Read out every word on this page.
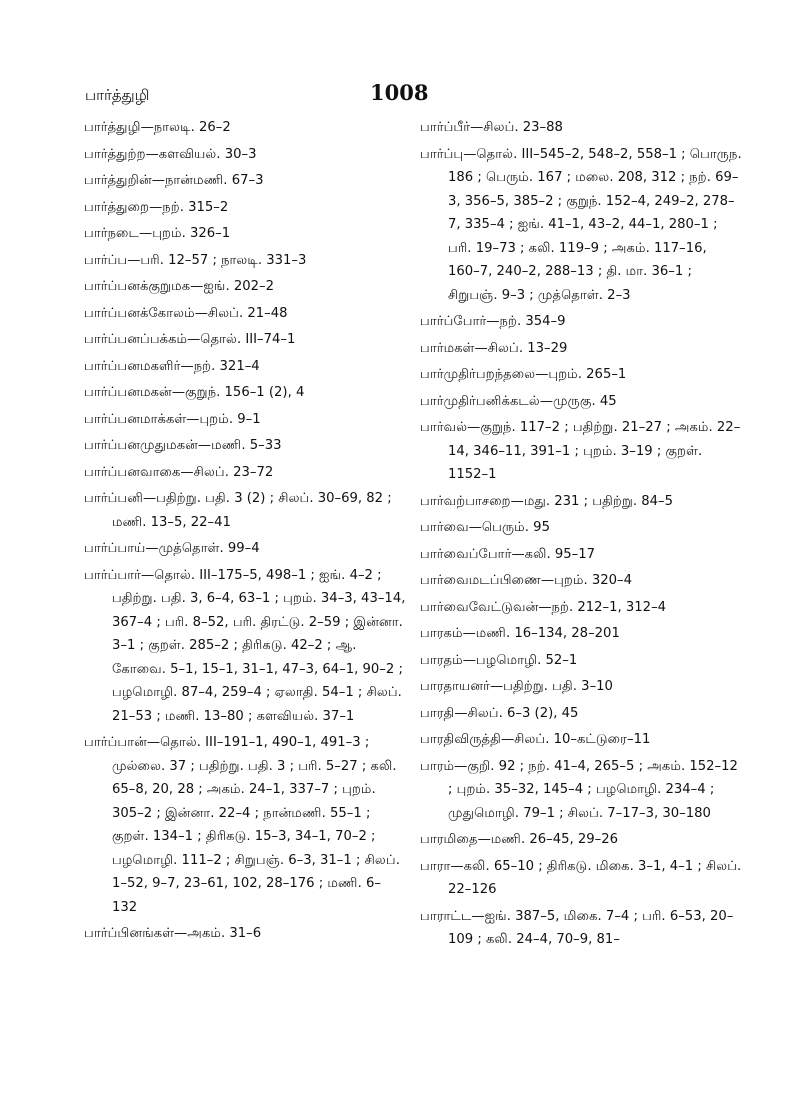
பார்த்துழி	1008
பார்த்துழி—நாலடி. 26–2
பார்த்துற்ற—களவியல். 30–3
பார்த்துறின்—நான்மணி. 67–3
பார்த்துறை—நற். 315–2
பார்நடை—புறம். 326–1
பார்ப்ப—பரி. 12–57 ; நாலடி. 331–3
பார்ப்பனக்குறுமக—ஐங். 202–2
பார்ப்பனக்கோலம்—சிலப். 21–48
பார்ப்பனப்பக்கம்—தொல். III–74–1
பார்ப்பனமகளிர்—நற். 321–4
பார்ப்பனமகன்—குறுந். 156–1 (2), 4
பார்ப்பனமாக்கள்—புறம். 9–1
பார்ப்பனமுதுமகன்—மணி. 5–33
பார்ப்பனவாகை—சிலப். 23–72
பார்ப்பனி—பதிற்று. பதி. 3 (2) ; சிலப். 30–69, 82 ; மணி. 13–5, 22–41
பார்ப்பாய்—முத்தொள். 99–4
பார்ப்பார்—தொல். III–175–5, 498–1 ; ஐங். 4–2 ; பதிற்று. பதி. 3, 6–4, 63–1 ; புறம். 34–3, 43–14, 367–4 ; பரி. 8–52, பரி. திரட்டு. 2–59 ; இன்னா. 3–1 ; குறள். 285–2 ; திரிகடு. 42–2 ; ஆ. கோவை. 5–1, 15–1, 31–1, 47–3, 64–1, 90–2 ; பழமொழி. 87–4, 259–4 ; ஏலாதி. 54–1 ; சிலப். 21–53 ; மணி. 13–80 ; களவியல். 37–1
பார்ப்பான்—தொல். III–191–1, 490–1, 491–3 ; முல்லை. 37 ; பதிற்று. பதி. 3 ; பரி. 5–27 ; கலி. 65–8, 20, 28 ; அகம். 24–1, 337–7 ; புறம். 305–2 ; இன்னா. 22–4 ; நான்மணி. 55–1 ; குறள். 134–1 ; திரிகடு. 15–3, 34–1, 70–2 ; பழமொழி. 111–2 ; சிறுபஞ். 6–3, 31–1 ; சிலப். 1–52, 9–7, 23–61, 102, 28–176 ; மணி. 6–132
பார்ப்பினங்கள்—அகம். 31–6
பார்ப்பீர்—சிலப். 23–88
பார்ப்பு—தொல். III–545–2, 548–2, 558–1 ; பொருந. 186 ; பெரும். 167 ; மலை. 208, 312 ; நற். 69–3, 356–5, 385–2 ; குறுந். 152–4, 249–2, 278–7, 335–4 ; ஐங். 41–1, 43–2, 44–1, 280–1 ; பரி. 19–73 ; கலி. 119–9 ; அகம். 117–16, 160–7, 240–2, 288–13 ; தி. மா. 36–1 ; சிறுபஞ். 9–3 ; முத்தொள். 2–3
பார்ப்போர்—நற். 354–9
பார்மகள்—சிலப். 13–29
பார்முதிர்பறந்தலை—புறம். 265–1
பார்முதிர்பனிக்கடல்—முருகு. 45
பார்வல்—குறுந். 117–2 ; பதிற்று. 21–27 ; அகம். 22–14, 346–11, 391–1 ; புறம். 3–19 ; குறள். 1152–1
பார்வற்பாசறை—மது. 231 ; பதிற்று. 84–5
பார்வை—பெரும். 95
பார்வைப்போர்—கலி. 95–17
பார்வைமடப்பிணை—புறம். 320–4
பார்வைவேட்டுவன்—நற். 212–1, 312–4
பாரகம்—மணி. 16–134, 28–201
பாரதம்—பழமொழி. 52–1
பாரதாயனர்—பதிற்று. பதி. 3–10
பாரதி—சிலப். 6–3 (2), 45
பாரதிவிருத்தி—சிலப். 10–கட்டுரை–11
பாரம்—குறி. 92 ; நற். 41–4, 265–5 ; அகம். 152–12 ; புறம். 35–32, 145–4 ; பழமொழி. 234–4 ; முதுமொழி. 79–1 ; சிலப். 7–17–3, 30–180
பாரமிதை—மணி. 26–45, 29–26
பாரா—கலி. 65–10 ; திரிகடு. மிகை. 3–1, 4–1 ; சிலப். 22–126
பாராட்ட—ஐங். 387–5, மிகை. 7–4 ; பரி. 6–53, 20–109 ; கலி. 24–4, 70–9, 81–
